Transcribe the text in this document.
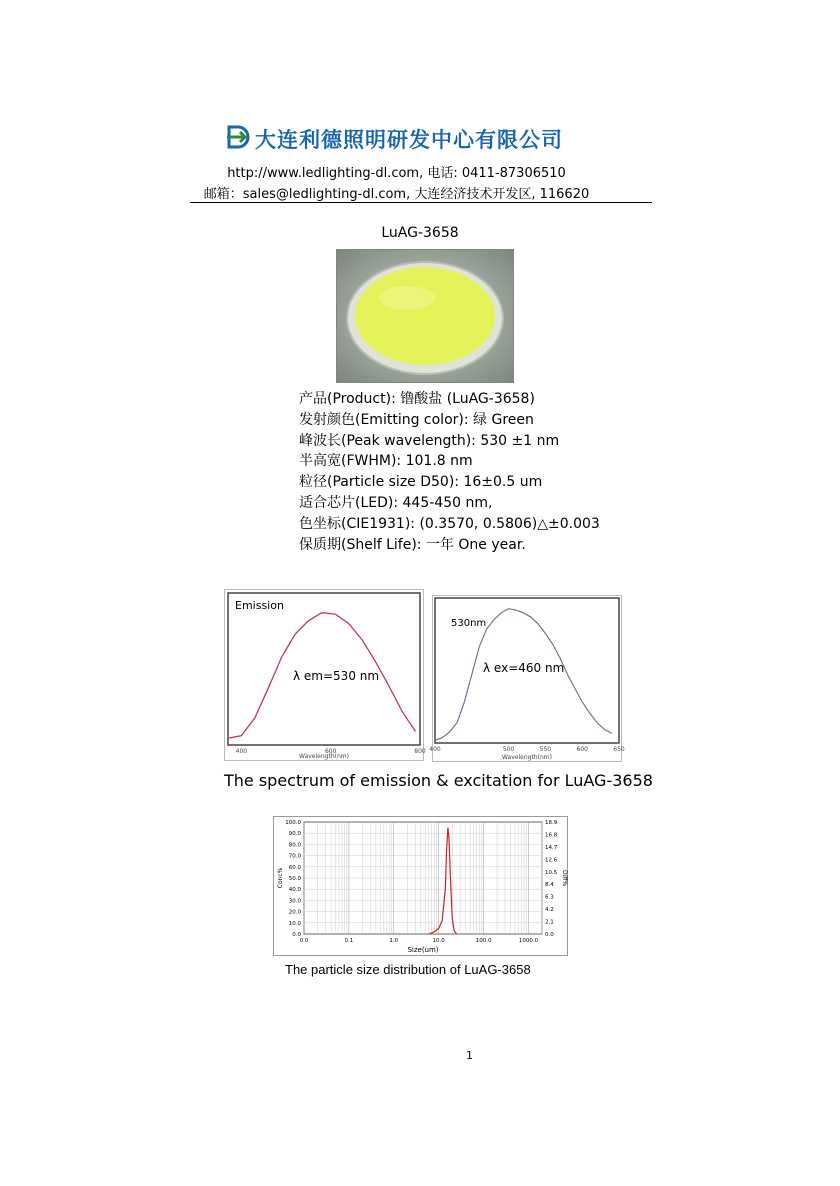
大连利德照明研发中心有限公司
http://www.ledlighting-dl.com, 电话: 0411-87306510
邮箱：sales@ledlighting-dl.com, 大连经济技术开发区, 116620
LuAG-3658
产品(Product): 镥酸盐 (LuAG-3658)
发射颜色(Emitting color): 绿 Green
峰波长(Peak wavelength): 530 ±1 nm
半高宽(FWHM): 101.8 nm
粒径(Particle size D50): 16±0.5 um
适合芯片(LED): 445-450 nm,
色坐标(CIE1931): (0.3570, 0.5806)△±0.003
保质期(Shelf Life): 一年 One year.
Emission
λ em=530 nm
Wavelength(nm)
400	600	800
530nm
λ ex=460 nm
Wavelength(nm)
400	500	550	600	650
The spectrum of emission & excitation for LuAG-3658
0.0
10.0
20.0
30.0
40.0
50.0
60.0
70.0
80.0
90.0
100.0
0.0
2.1
4.2
6.3
8.4
10.5
12.6
14.7
16.8
18.9
0.0	0.1	1.0	10.0	100.0	1000.0
Conc%	Diff%
Size(um)
The particle size distribution of LuAG-3658
1
